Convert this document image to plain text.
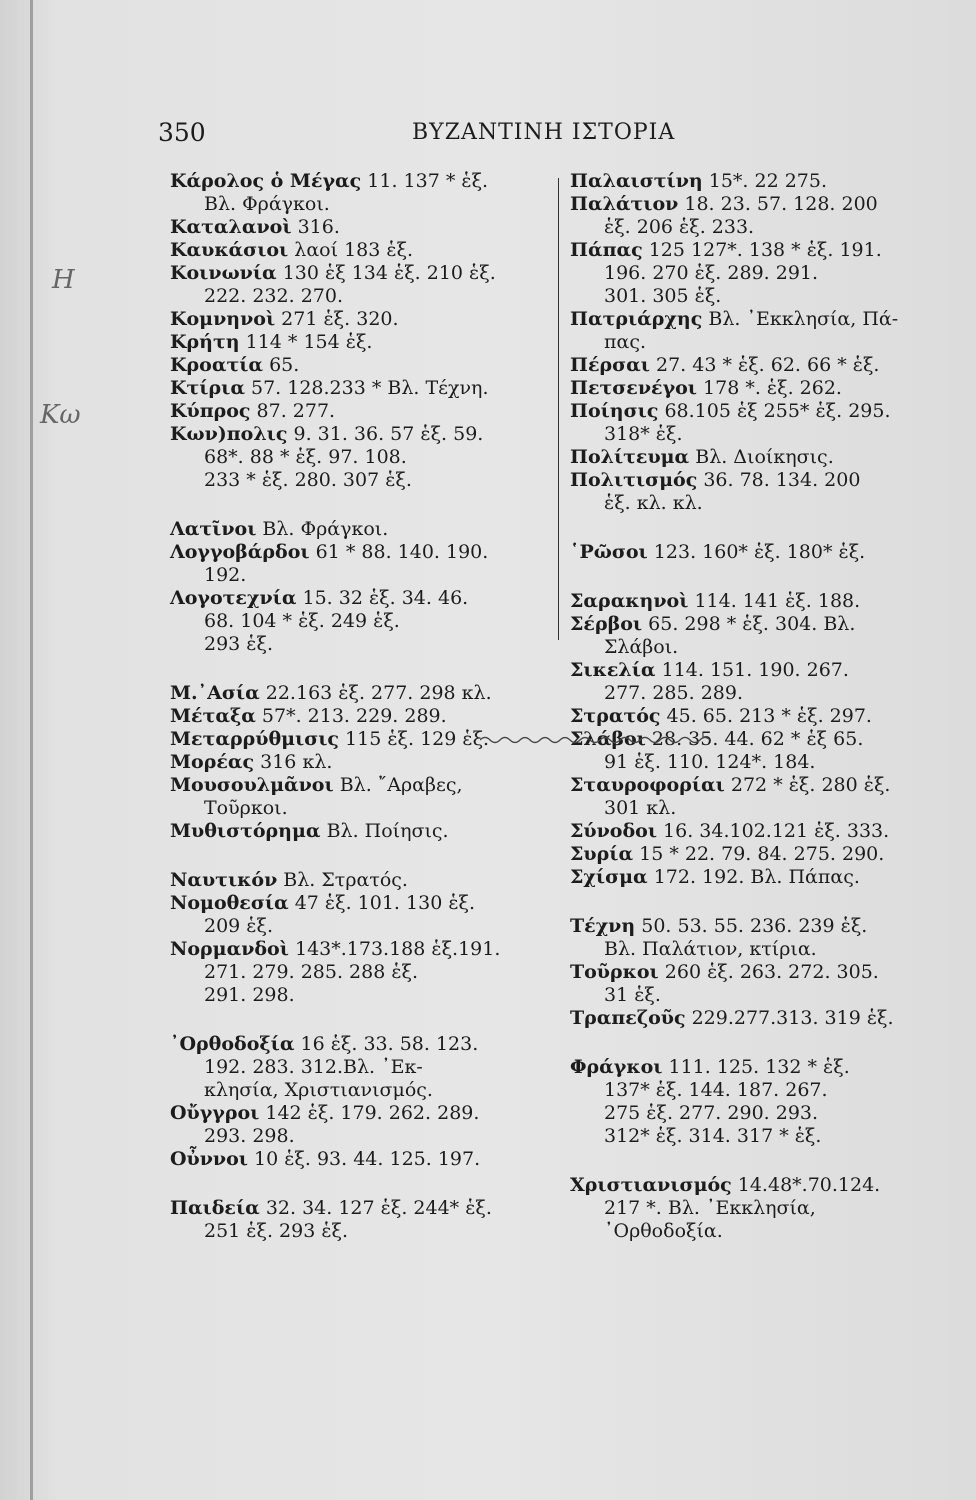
H
Κω
350	ΒΥΖΑΝΤΙΝΗ ΙΣΤΟΡΙΑ
Κάρολος ὁ Μέγας 11. 137 * ἑξ.
Βλ. Φράγκοι.
Καταλανοὶ 316.
Καυκάσιοι λαοί 183 ἑξ.
Κοινωνία 130 ἑξ 134 ἑξ. 210 ἑξ.
222. 232. 270.
Κομνηνοὶ 271 ἑξ. 320.
Κρήτη 114 * 154 ἑξ.
Κροατία 65.
Κτίρια 57. 128.233 * Βλ. Τέχνη.
Κύπρος 87. 277.
Κων)πολις 9. 31. 36. 57 ἑξ. 59.
68*. 88 * ἑξ. 97. 108.
233 * ἑξ. 280. 307 ἑξ.
Λατῖνοι Βλ. Φράγκοι.
Λογγοβάρδοι 61 * 88. 140. 190.
192.
Λογοτεχνία 15. 32 ἑξ. 34. 46.
68. 104 * ἑξ. 249 ἑξ.
293 ἑξ.
Μ.᾿Ασία 22.163 ἑξ. 277. 298 κλ.
Μέταξα 57*. 213. 229. 289.
Μεταρρύθμισις 115 ἑξ. 129 ἑξ.
Μορέας 316 κλ.
Μουσουλμᾶνοι Βλ. ῎Αραβες,
Τοῦρκοι.
Μυθιστόρημα Βλ. Ποίησις.
Ναυτικόν Βλ. Στρατός.
Νομοθεσία 47 ἑξ. 101. 130 ἑξ.
209 ἑξ.
Νορμανδοὶ 143*.173.188 ἑξ.191.
271. 279. 285. 288 ἑξ.
291. 298.
᾿Ορθοδοξία 16 ἑξ. 33. 58. 123.
192. 283. 312.Βλ. ᾿Εκ-
κλησία, Χριστιανισμός.
Οὔγγροι 142 ἑξ. 179. 262. 289.
293. 298.
Οὖννοι 10 ἑξ. 93. 44. 125. 197.
Παιδεία 32. 34. 127 ἑξ. 244* ἑξ.
251 ἑξ. 293 ἑξ.
Παλαιστίνη 15*. 22 275.
Παλάτιον 18. 23. 57. 128. 200
ἑξ. 206 ἑξ. 233.
Πάπας 125 127*. 138 * ἑξ. 191.
196. 270 ἑξ. 289. 291.
301. 305 ἑξ.
Πατριάρχης Βλ. ᾿Εκκλησία, Πά-
πας.
Πέρσαι 27. 43 * ἑξ. 62. 66 * ἑξ.
Πετσενέγοι 178 *. ἑξ. 262.
Ποίησις 68.105 ἑξ 255* ἑξ. 295.
318* ἑξ.
Πολίτευμα Βλ. Διοίκησις.
Πολιτισμός 36. 78. 134. 200
ἑξ. κλ. κλ.
῾Ρῶσοι 123. 160* ἑξ. 180* ἑξ.
Σαρακηνοὶ 114. 141 ἑξ. 188.
Σέρβοι 65. 298 * ἑξ. 304. Βλ.
Σλάβοι.
Σικελία 114. 151. 190. 267.
277. 285. 289.
Στρατός 45. 65. 213 * ἑξ. 297.
Σλάβοι 28. 35. 44. 62 * ἑξ 65.
91 ἑξ. 110. 124*. 184.
Σταυροφορίαι 272 * ἑξ. 280 ἑξ.
301 κλ.
Σύνοδοι 16. 34.102.121 ἑξ. 333.
Συρία 15 * 22. 79. 84. 275. 290.
Σχίσμα 172. 192. Βλ. Πάπας.
Τέχνη 50. 53. 55. 236. 239 ἑξ.
Βλ. Παλάτιον, κτίρια.
Τοῦρκοι 260 ἑξ. 263. 272. 305.
31 ἑξ.
Τραπεζοῦς 229.277.313. 319 ἑξ.
Φράγκοι 111. 125. 132 * ἑξ.
137* ἑξ. 144. 187. 267.
275 ἑξ. 277. 290. 293.
312* ἑξ. 314. 317 * ἑξ.
Χριστιανισμός 14.48*.70.124.
217 *. Βλ. ᾿Εκκλησία,
᾿Ορθοδοξία.
